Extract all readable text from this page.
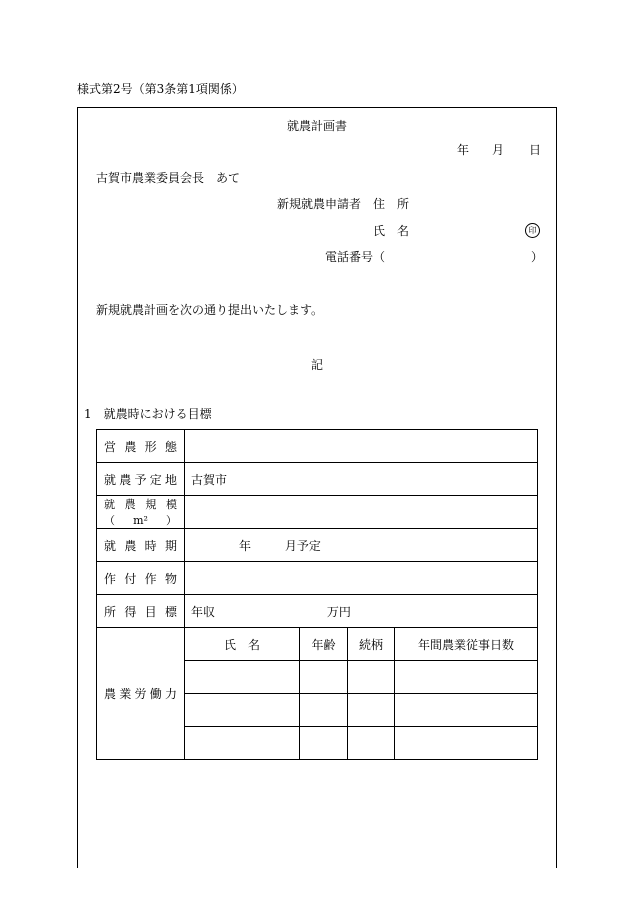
様式第2号（第3条第1項関係）
就農計画書
年 月 日
古賀市農業委員会長　あて
新規就農申請者 住　所
氏　名	印
電話番号（	）
新規就農計画を次の通り提出いたします。
記
1　就農時における目標
営農形態				
就農予定地	古賀市			
就農規模（m²）				
就農時期	年 月予定			
作付作物				
所得目標	年収 万円			
農業労働力	氏　名	年齢	続柄	年間農業従事日数
